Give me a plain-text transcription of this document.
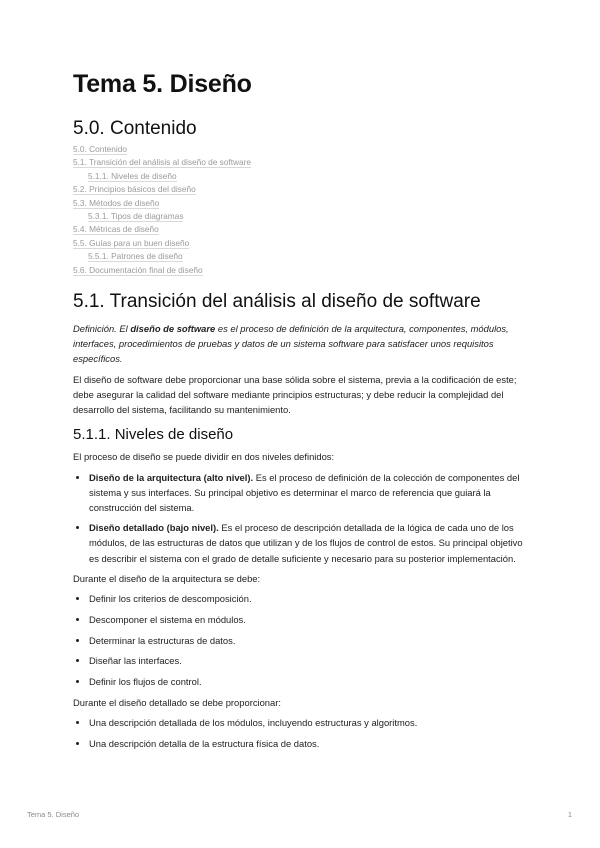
Tema 5. Diseño
5.0. Contenido
5.0. Contenido
5.1. Transición del análisis al diseño de software
5.1.1. Niveles de diseño
5.2. Principios básicos del diseño
5.3. Métodos de diseño
5.3.1. Tipos de diagramas
5.4. Métricas de diseño
5.5. Guías para un buen diseño
5.5.1. Patrones de diseño
5.6. Documentación final de diseño
5.1. Transición del análisis al diseño de software

Definición. El diseño de software es el proceso de definición de la arquitectura, componentes, módulos, interfaces, procedimientos de pruebas y datos de un sistema software para satisfacer unos requisitos específicos.

El diseño de software debe proporcionar una base sólida sobre el sistema, previa a la codificación de este; debe asegurar la calidad del software mediante principios estructuras; y debe reducir la complejidad del desarrollo del sistema, facilitando su mantenimiento.

5.1.1. Niveles de diseño

El proceso de diseño se puede dividir en dos niveles definidos:

• Diseño de la arquitectura (alto nivel). Es el proceso de definición de la colección de componentes del sistema y sus interfaces. Su principal objetivo es determinar el marco de referencia que guiará la construcción del sistema.
• Diseño detallado (bajo nivel). Es el proceso de descripción detallada de la lógica de cada uno de los módulos, de las estructuras de datos que utilizan y de los flujos de control de estos. Su principal objetivo es describir el sistema con el grado de detalle suficiente y necesario para su posterior implementación.

Durante el diseño de la arquitectura se debe:

• Definir los criterios de descomposición.
• Descomponer el sistema en módulos.
• Determinar la estructuras de datos.
• Diseñar las interfaces.
• Definir los flujos de control.

Durante el diseño detallado se debe proporcionar:

• Una descripción detallada de los módulos, incluyendo estructuras y algoritmos.
• Una descripción detalla de la estructura física de datos.
Tema 5. Diseño	1
